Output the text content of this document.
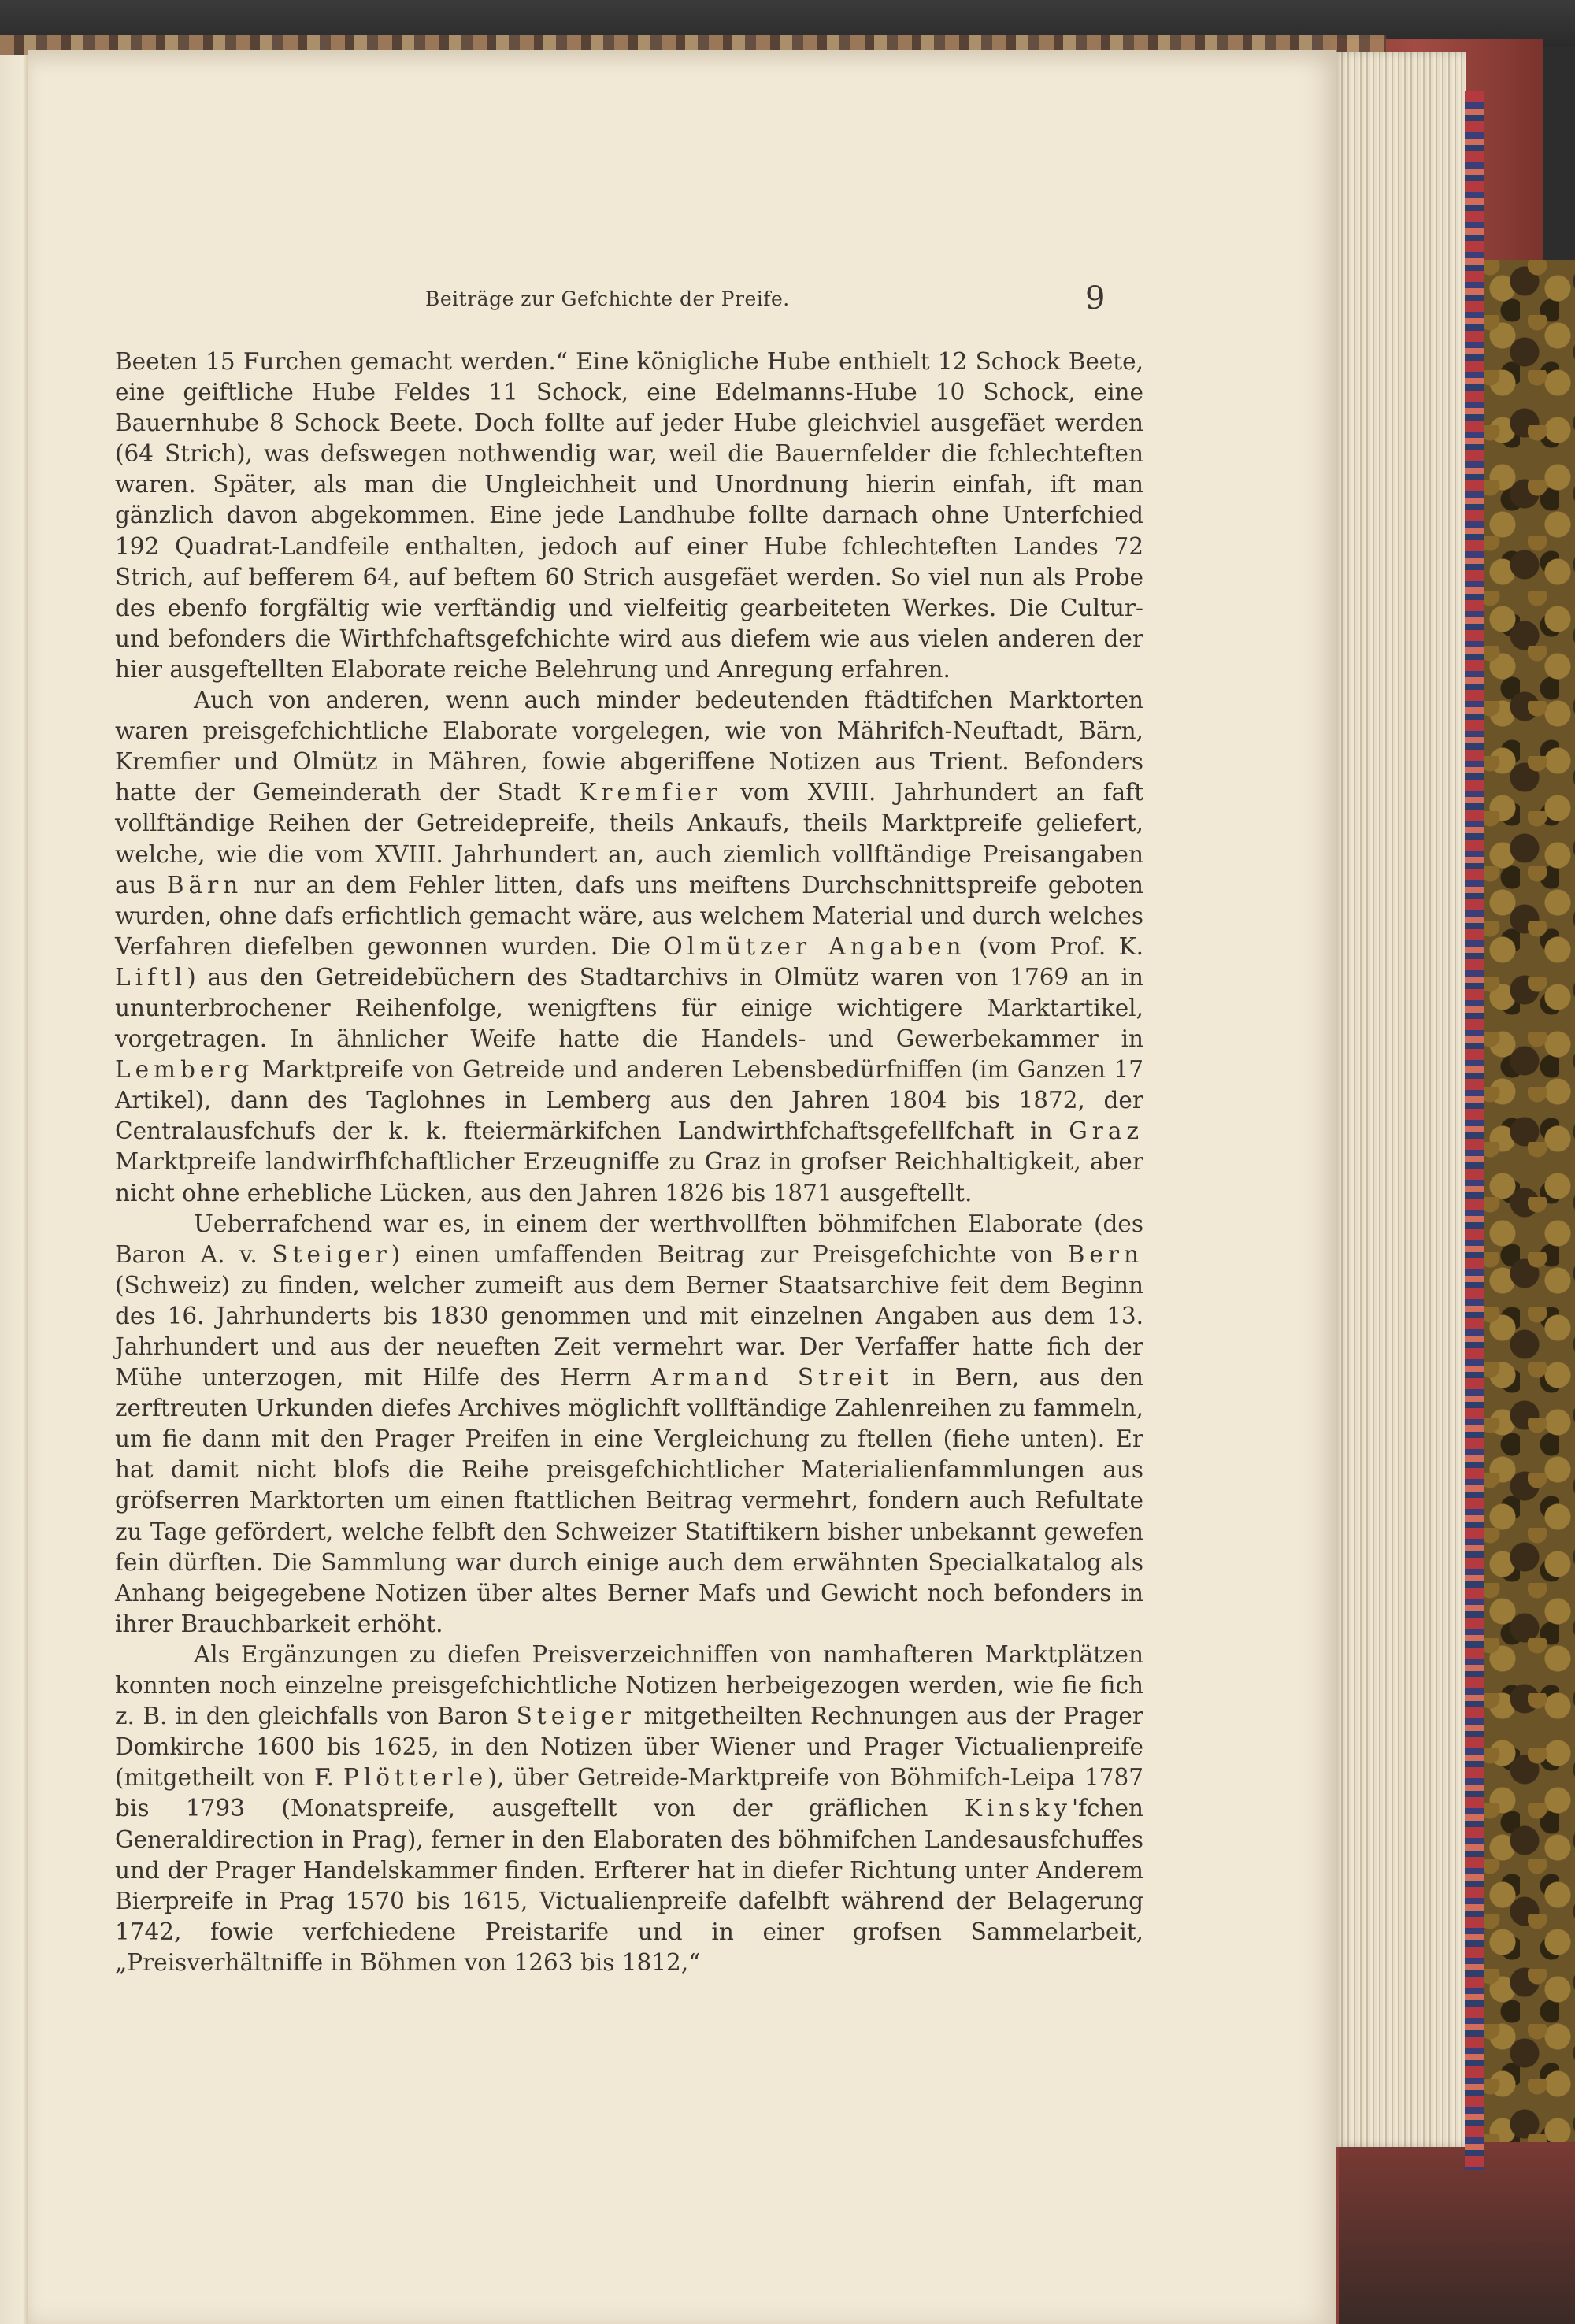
Beiträge zur Gefchichte der Preife.	9

Beeten 15 Furchen gemacht werden.“ Eine königliche Hube enthielt 12 Schock Beete, eine geiftliche Hube Feldes 11 Schock, eine Edelmanns-Hube 10 Schock, eine Bauernhube 8 Schock Beete. Doch follte auf jeder Hube gleichviel ausgefäet werden (64 Strich), was defswegen nothwendig war, weil die Bauernfelder die fchlechteften waren. Später, als man die Ungleichheit und Unordnung hierin einfah, ift man gänzlich davon abgekommen. Eine jede Landhube follte darnach ohne Unterfchied 192 Quadrat-Landfeile enthalten, jedoch auf einer Hube fchlechteften Landes 72 Strich, auf befferem 64, auf beftem 60 Strich ausgefäet werden. So viel nun als Probe des ebenfo forgfältig wie verftändig und vielfeitig gearbeiteten Werkes. Die Cultur- und befonders die Wirthfchaftsgefchichte wird aus diefem wie aus vielen anderen der hier ausgeftellten Elaborate reiche Belehrung und Anregung erfahren.

Auch von anderen, wenn auch minder bedeutenden ftädtifchen Marktorten waren preisgefchichtliche Elaborate vorgelegen, wie von Mährifch-Neuftadt, Bärn, Kremfier und Olmütz in Mähren, fowie abgeriffene Notizen aus Trient. Befonders hatte der Gemeinderath der Stadt Kremfier vom XVIII. Jahrhundert an faft vollftändige Reihen der Getreidepreife, theils Ankaufs, theils Marktpreife geliefert, welche, wie die vom XVIII. Jahrhundert an, auch ziemlich vollftändige Preisangaben aus Bärn nur an dem Fehler litten, dafs uns meiftens Durchschnittspreife geboten wurden, ohne dafs erfichtlich gemacht wäre, aus welchem Material und durch welches Verfahren diefelben gewonnen wurden. Die Olmützer Angaben (vom Prof. K. Liftl) aus den Getreidebüchern des Stadtarchivs in Olmütz waren von 1769 an in ununterbrochener Reihenfolge, wenigftens für einige wichtigere Marktartikel, vorgetragen. In ähnlicher Weife hatte die Handels- und Gewerbekammer in Lemberg Marktpreife von Getreide und anderen Lebensbedürfniffen (im Ganzen 17 Artikel), dann des Taglohnes in Lemberg aus den Jahren 1804 bis 1872, der Centralausfchufs der k. k. fteiermärkifchen Landwirthfchaftsgefellfchaft in Graz Marktpreife landwirfhfchaftlicher Erzeugniffe zu Graz in grofser Reichhaltigkeit, aber nicht ohne erhebliche Lücken, aus den Jahren 1826 bis 1871 ausgeftellt.

Ueberrafchend war es, in einem der werthvollften böhmifchen Elaborate (des Baron A. v. Steiger) einen umfaffenden Beitrag zur Preisgefchichte von Bern (Schweiz) zu finden, welcher zumeift aus dem Berner Staatsarchive feit dem Beginn des 16. Jahrhunderts bis 1830 genommen und mit einzelnen Angaben aus dem 13. Jahrhundert und aus der neueften Zeit vermehrt war. Der Verfaffer hatte fich der Mühe unterzogen, mit Hilfe des Herrn Armand Streit in Bern, aus den zerftreuten Urkunden diefes Archives möglichft vollftändige Zahlenreihen zu fammeln, um fie dann mit den Prager Preifen in eine Vergleichung zu ftellen (fiehe unten). Er hat damit nicht blofs die Reihe preisgefchichtlicher Materialienfammlungen aus gröfserren Marktorten um einen ftattlichen Beitrag vermehrt, fondern auch Refultate zu Tage gefördert, welche felbft den Schweizer Statiftikern bisher unbekannt gewefen fein dürften. Die Sammlung war durch einige auch dem erwähnten Specialkatalog als Anhang beigegebene Notizen über altes Berner Mafs und Gewicht noch befonders in ihrer Brauchbarkeit erhöht.

Als Ergänzungen zu diefen Preisverzeichniffen von namhafteren Marktplätzen konnten noch einzelne preisgefchichtliche Notizen herbeigezogen werden, wie fie fich z. B. in den gleichfalls von Baron Steiger mitgetheilten Rechnungen aus der Prager Domkirche 1600 bis 1625, in den Notizen über Wiener und Prager Victualienpreife (mitgetheilt von F. Plötterle), über Getreide-Marktpreife von Böhmifch-Leipa 1787 bis 1793 (Monatspreife, ausgeftellt von der gräflichen Kinsky'fchen Generaldirection in Prag), ferner in den Elaboraten des böhmifchen Landesausfchuffes und der Prager Handelskammer finden. Erfterer hat in diefer Richtung unter Anderem Bierpreife in Prag 1570 bis 1615, Victualienpreife dafelbft während der Belagerung 1742, fowie verfchiedene Preistarife und in einer grofsen Sammelarbeit, „Preisverhältniffe in Böhmen von 1263 bis 1812,“
